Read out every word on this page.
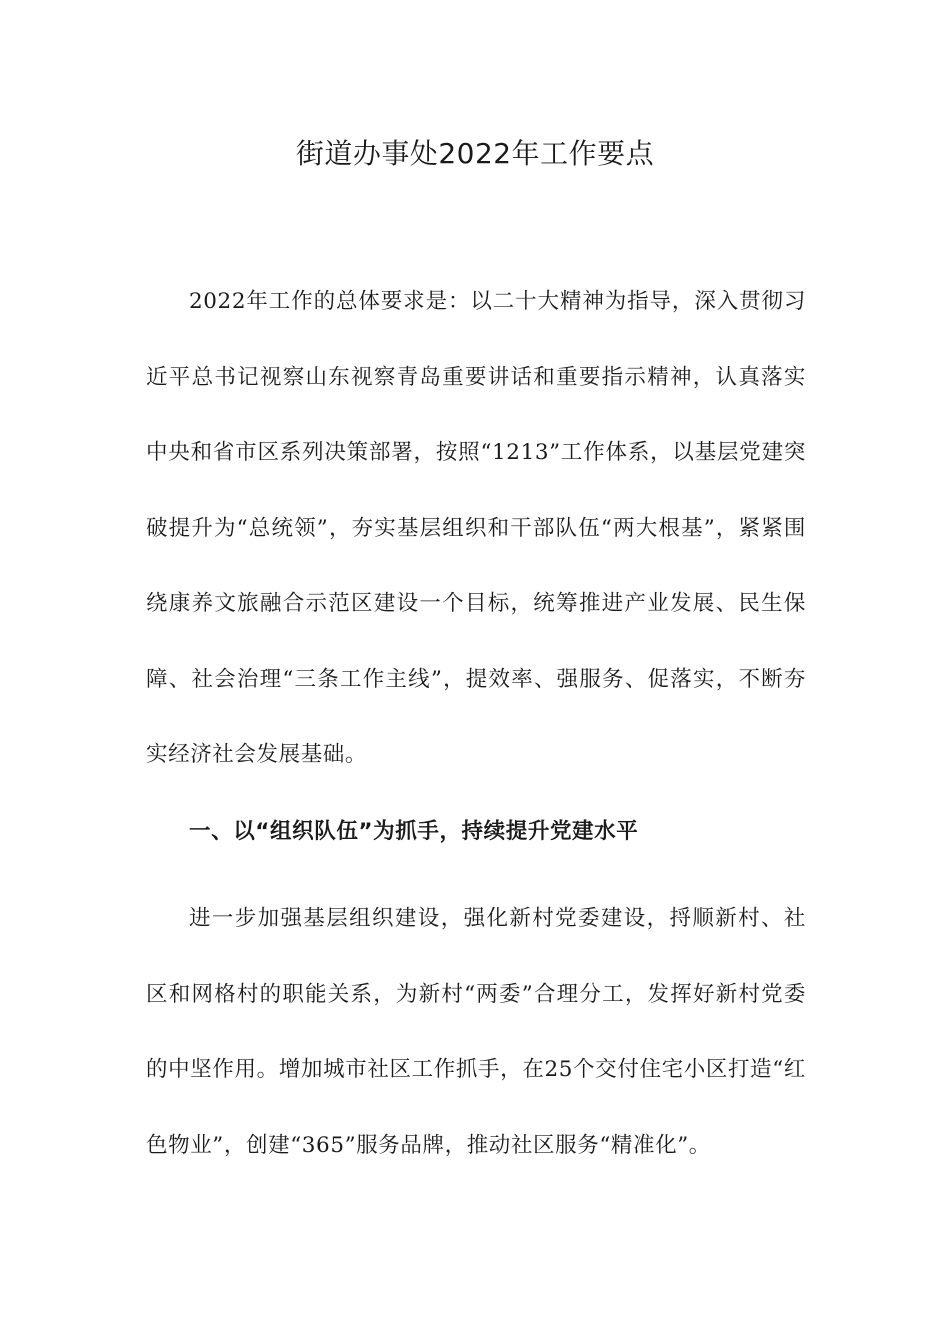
街道办事处2022年工作要点

2022年工作的总体要求是：以二十大精神为指导，深入贯彻习近平总书记视察山东视察青岛重要讲话和重要指示精神，认真落实中央和省市区系列决策部署，按照“1213”工作体系，以基层党建突破提升为“总统领”，夯实基层组织和干部队伍“两大根基”，紧紧围绕康养文旅融合示范区建设一个目标，统筹推进产业发展、民生保障、社会治理“三条工作主线”，提效率、强服务、促落实，不断夯实经济社会发展基础。

一、以“组织队伍”为抓手，持续提升党建水平

进一步加强基层组织建设，强化新村党委建设，捋顺新村、社区和网格村的职能关系，为新村“两委”合理分工，发挥好新村党委的中坚作用。增加城市社区工作抓手，在25个交付住宅小区打造“红色物业”，创建“365”服务品牌，推动社区服务“精准化”。
